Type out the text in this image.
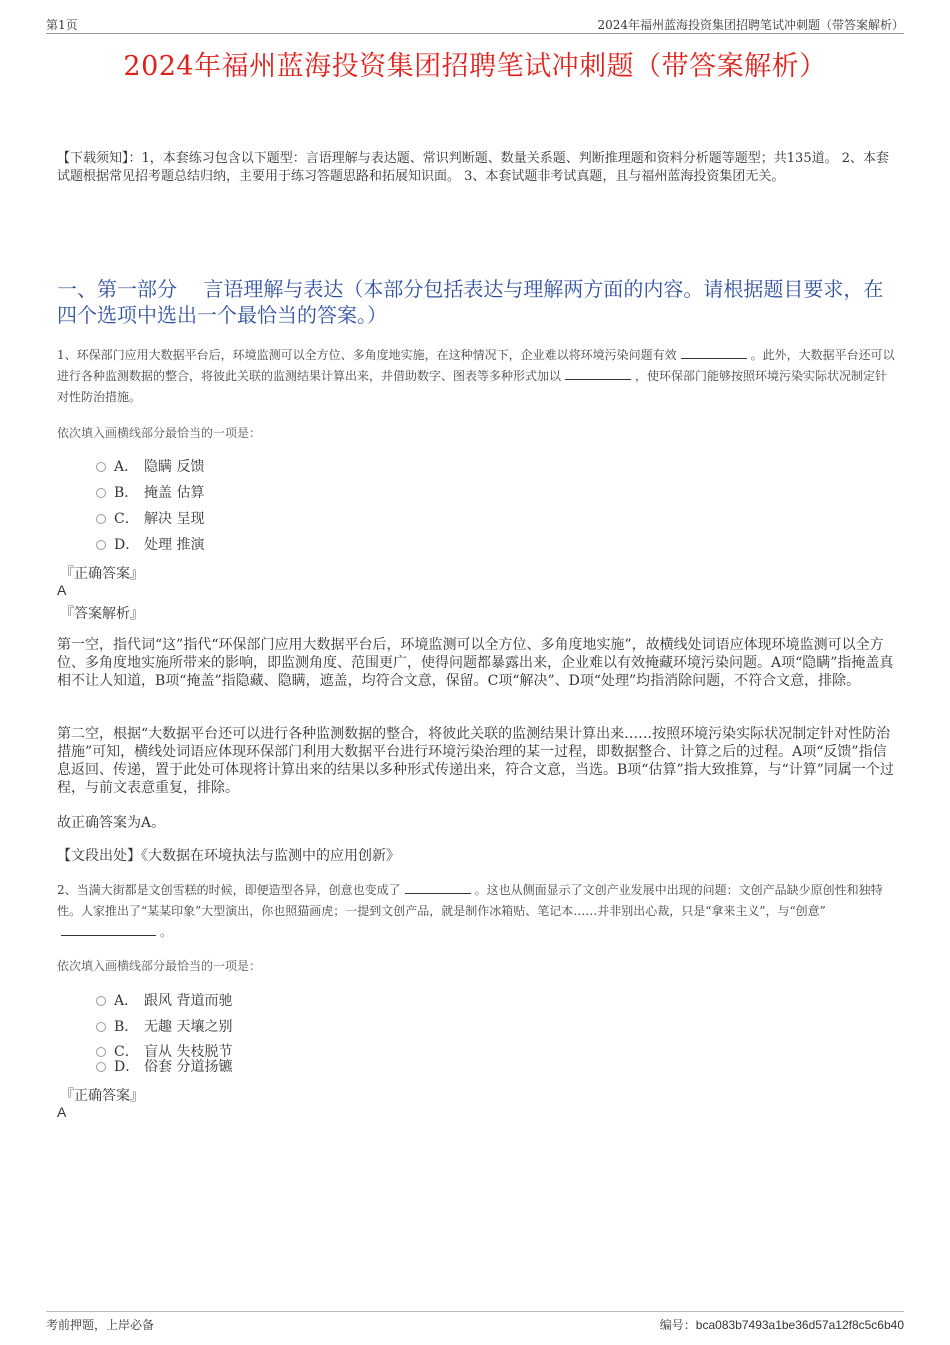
第1页	2024年福州蓝海投资集团招聘笔试冲刺题（带答案解析）
2024年福州蓝海投资集团招聘笔试冲刺题（带答案解析）
【下载须知】：1，本套练习包含以下题型：言语理解与表达题、常识判断题、数量关系题、判断推理题和资料分析题等题型；共135道。 2、本套试题根据常见招考题总结归纳，主要用于练习答题思路和拓展知识面。 3、本套试题非考试真题，且与福州蓝海投资集团无关。
一、第一部分　 言语理解与表达（本部分包括表达与理解两方面的内容。请根据题目要求，在四个选项中选出一个最恰当的答案。）
1、环保部门应用大数据平台后，环境监测可以全方位、多角度地实施，在这种情况下，企业难以将环境污染问题有效	。此外，大数据平台还可以进行各种监测数据的整合，将彼此关联的监测结果计算出来，并借助数字、图表等多种形式加以	，使环保部门能够按照环境污染实际状况制定针对性防治措施。
依次填入画横线部分最恰当的一项是：
A． 隐瞒 反馈
B． 掩盖 估算
C． 解决 呈现
D． 处理 推演
『正确答案』
A
『答案解析』
第一空，指代词“这”指代“环保部门应用大数据平台后，环境监测可以全方位、多角度地实施”，故横线处词语应体现环境监测可以全方位、多角度地实施所带来的影响，即监测角度、范围更广，使得问题都暴露出来，企业难以有效掩藏环境污染问题。A项“隐瞒”指掩盖真相不让人知道，B项“掩盖”指隐藏、隐瞒，遮盖，均符合文意，保留。C项“解决”、D项“处理”均指消除问题，不符合文意，排除。
第二空，根据“大数据平台还可以进行各种监测数据的整合，将彼此关联的监测结果计算出来……按照环境污染实际状况制定针对性防治措施”可知，横线处词语应体现环保部门利用大数据平台进行环境污染治理的某一过程，即数据整合、计算之后的过程。A项“反馈”指信息返回、传递，置于此处可体现将计算出来的结果以多种形式传递出来，符合文意，当选。B项“估算”指大致推算，与“计算”同属一个过程，与前文表意重复，排除。
故正确答案为A。
【文段出处】《大数据在环境执法与监测中的应用创新》
2、当满大街都是文创雪糕的时候，即便造型各异，创意也变成了	。这也从侧面显示了文创产业发展中出现的问题：文创产品缺少原创性和独特性。人家推出了“某某印象”大型演出，你也照猫画虎；一提到文创产品，就是制作冰箱贴、笔记本……并非别出心裁，只是“拿来主义”，与“创意”。
依次填入画横线部分最恰当的一项是：
A． 跟风 背道而驰
B． 无趣 天壤之别
C． 盲从 失枝脱节
D． 俗套 分道扬镳
『正确答案』
A
考前押题，上岸必备	编号：bca083b7493a1be36d57a12f8c5c6b40
